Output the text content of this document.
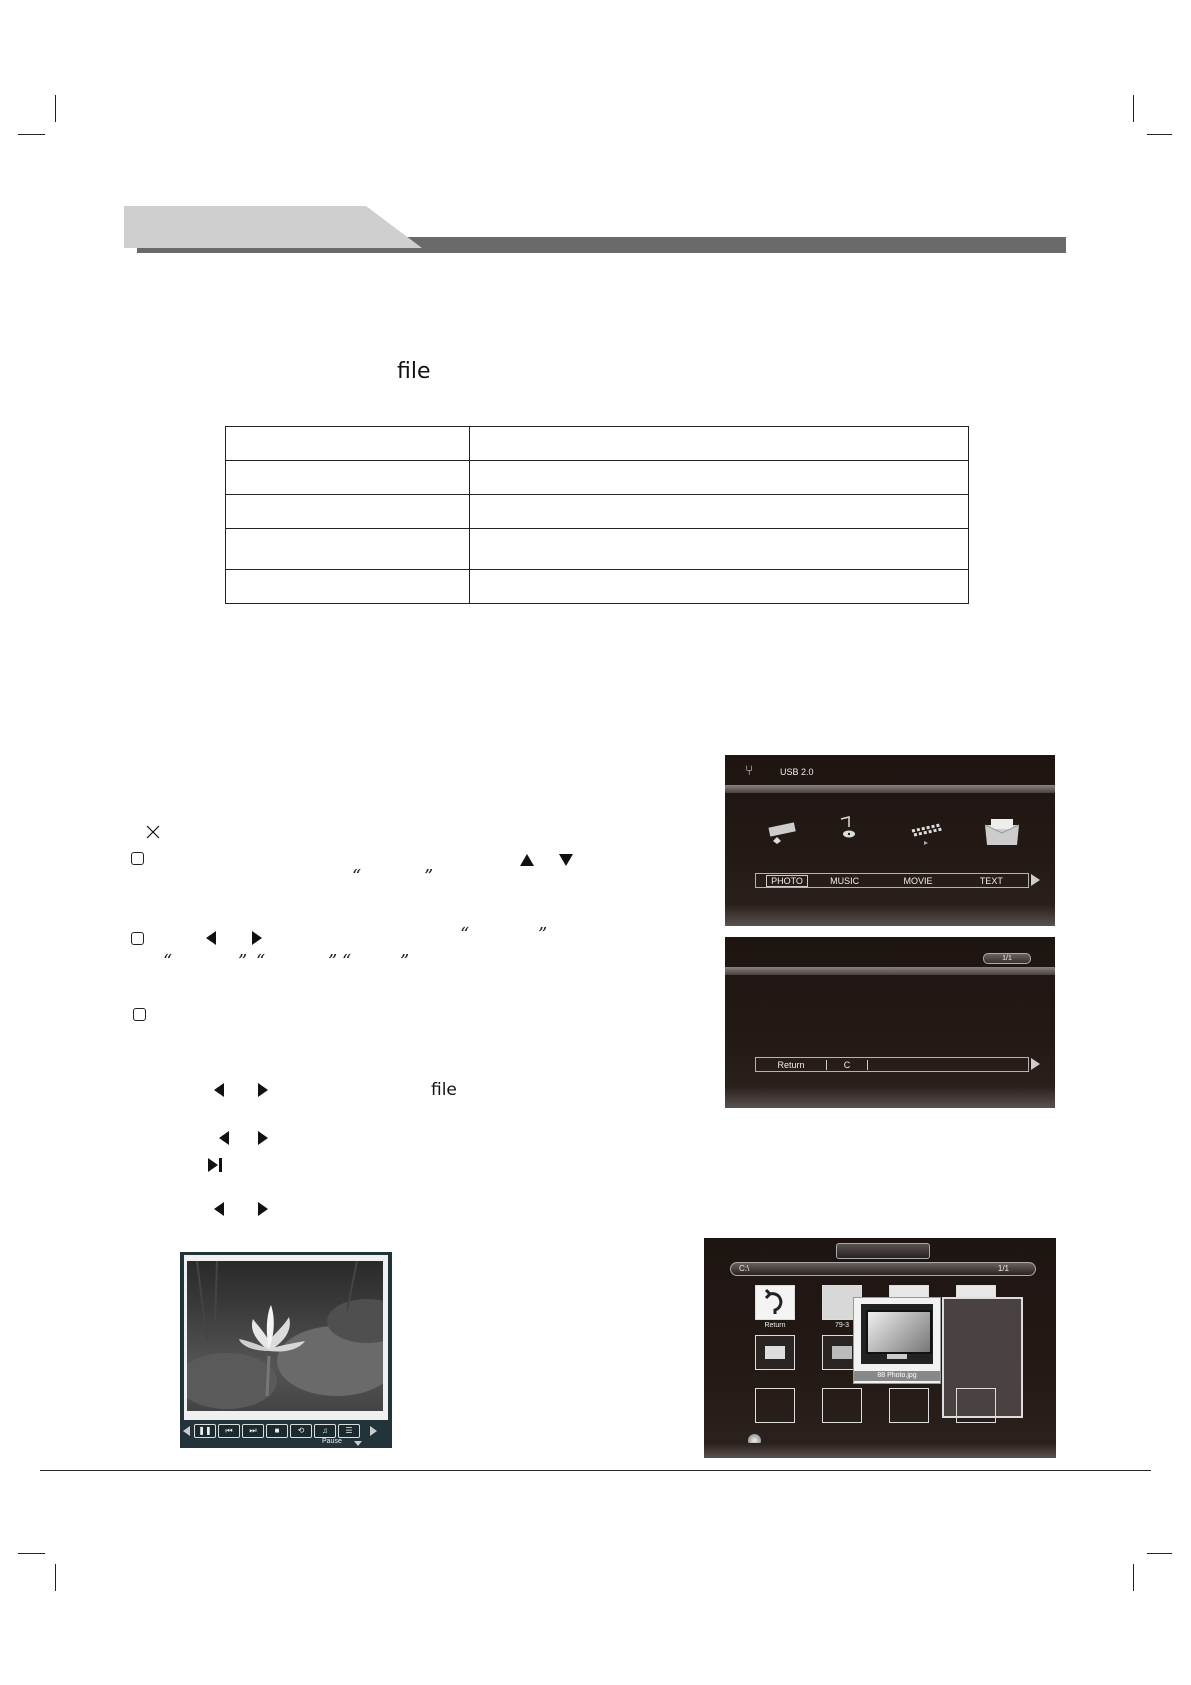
file

“	”
“	”
“	” “	” “	”
file
⑂	USB 2.0
PHOTO	MUSIC	MOVIE	TEXT
1/1
Return	C
C:\	1/1
Return	79-3
88 Photo.jpg
❚❚	⏮	⏭	■	⟲	♫	☰
Pause
